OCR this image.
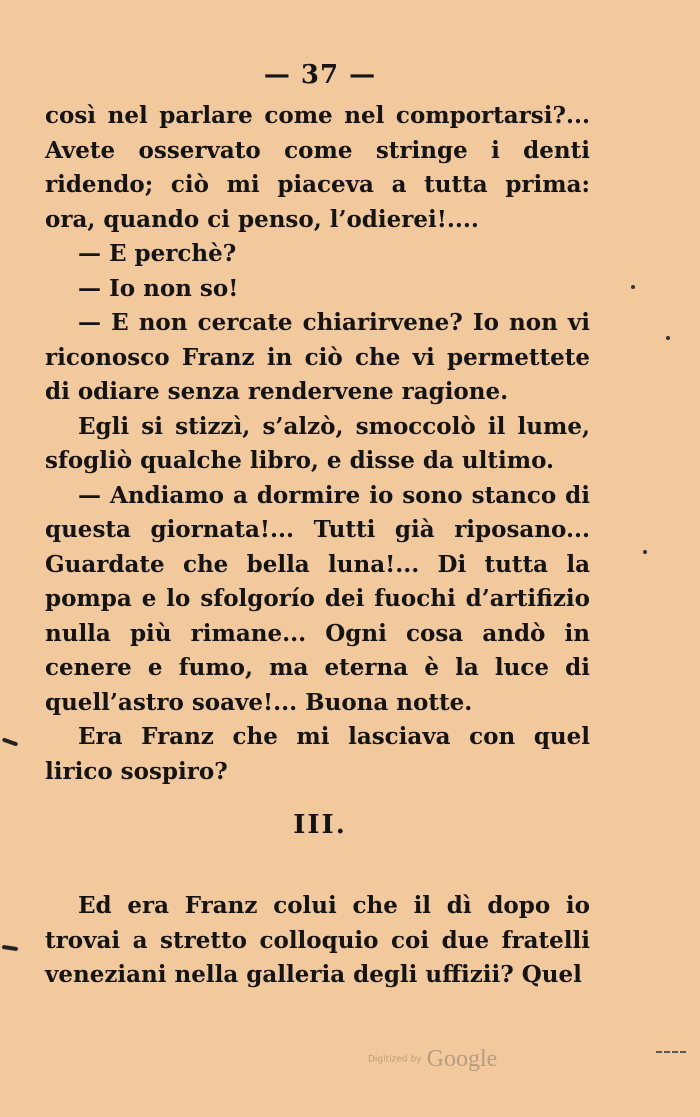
— 37 —

così nel parlare come nel comportarsi?... Avete osservato come stringe i denti ridendo; ciò mi piaceva a tutta prima: ora, quando ci penso, l’odierei!....

— E perchè?

— Io non so!

— E non cercate chiarirvene? Io non vi riconosco Franz in ciò che vi permettete di odiare senza rendervene ragione.

Egli si stizzì, s’alzò, smoccolò il lume, sfogliò qualche libro, e disse da ultimo.

— Andiamo a dormire io sono stanco di questa giornata!... Tutti già riposano... Guardate che bella luna!... Di tutta la pompa e lo sfolgorío dei fuochi d’artifizio nulla più rimane... Ogni cosa andò in cenere e fumo, ma eterna è la luce di quell’astro soave!... Buona notte.

Era Franz che mi lasciava con quel lirico sospiro?

III.

Ed era Franz colui che il dì dopo io trovai a stretto colloquio coi due fratelli veneziani nella galleria degli uffizii? Quel

Digitized by Google
